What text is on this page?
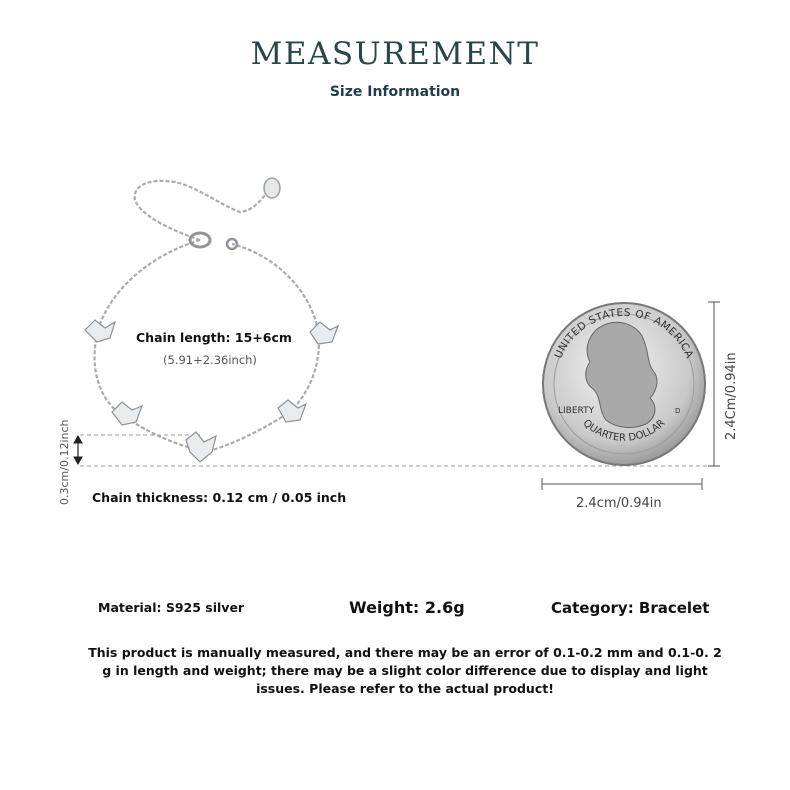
UNITED STATES OF AMERICA
QUARTER DOLLAR
LIBERTY	D
MEASUREMENT
Size Information
Chain length: 15+6cm
(5.91+2.36inch)
0.3cm/0.12inch Chain thickness: 0.12 cm / 0.05 inch	2.4cm/0.94in
2.4Cm/0.94in
Material: S925 silver	Weight: 2.6g	Category: Bracelet
This product is manually measured, and there may be an error of 0.1-0.2 mm and 0.1-0. 2 g in length and weight; there may be a slight color difference due to display and light issues. Please refer to the actual product!
